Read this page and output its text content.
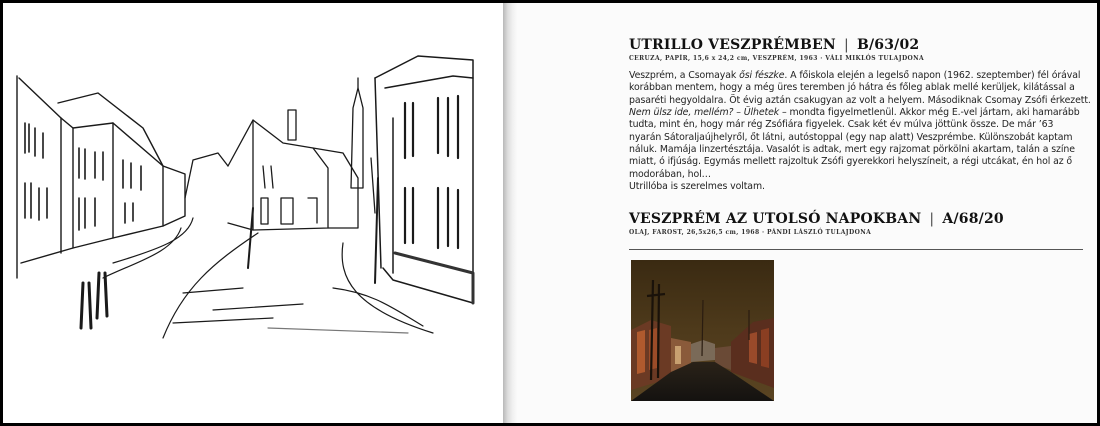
UTRILLO VESZPRÉMBEN | B/63/02
CERUZA, PAPÍR, 15,6 x 24,2 cm, VESZPRÉM, 1963 · VÁLI MIKLÓS TULAJDONA
Veszprém, a Csomayak ősi fészke. A főiskola elején a legelső napon (1962. szeptember) fél órával
korábban mentem, hogy a még üres teremben jó hátra és főleg ablak mellé kerüljek, kilátással a
pasaréti hegyoldalra. Öt évig aztán csakugyan az volt a helyem. Másodiknak Csomay Zsófi érkezett.
Nem ülsz ide, mellém? – Ülhetek – mondta figyelmetlenül. Akkor még E.-vel jártam, aki hamarább
tudta, mint én, hogy már rég Zsófiára figyelek. Csak két év múlva jöttünk össze. De már ’63
nyarán Sátoraljaújhelyről, őt látni, autóstoppal (egy nap alatt) Veszprémbe. Különszobát kaptam
náluk. Mamája linzertésztája. Vasalót is adtak, mert egy rajzomat pörkölni akartam, talán a színe
miatt, ó ifjúság. Egymás mellett rajzoltuk Zsófi gyerekkori helyszíneit, a régi utcákat, én hol az ő
modorában, hol…
Utrillóba is szerelmes voltam.
VESZPRÉM AZ UTOLSÓ NAPOKBAN | A/68/20
OLAJ, FAROST, 26,5x26,5 cm, 1968 · PÁNDI LÁSZLÓ TULAJDONA
